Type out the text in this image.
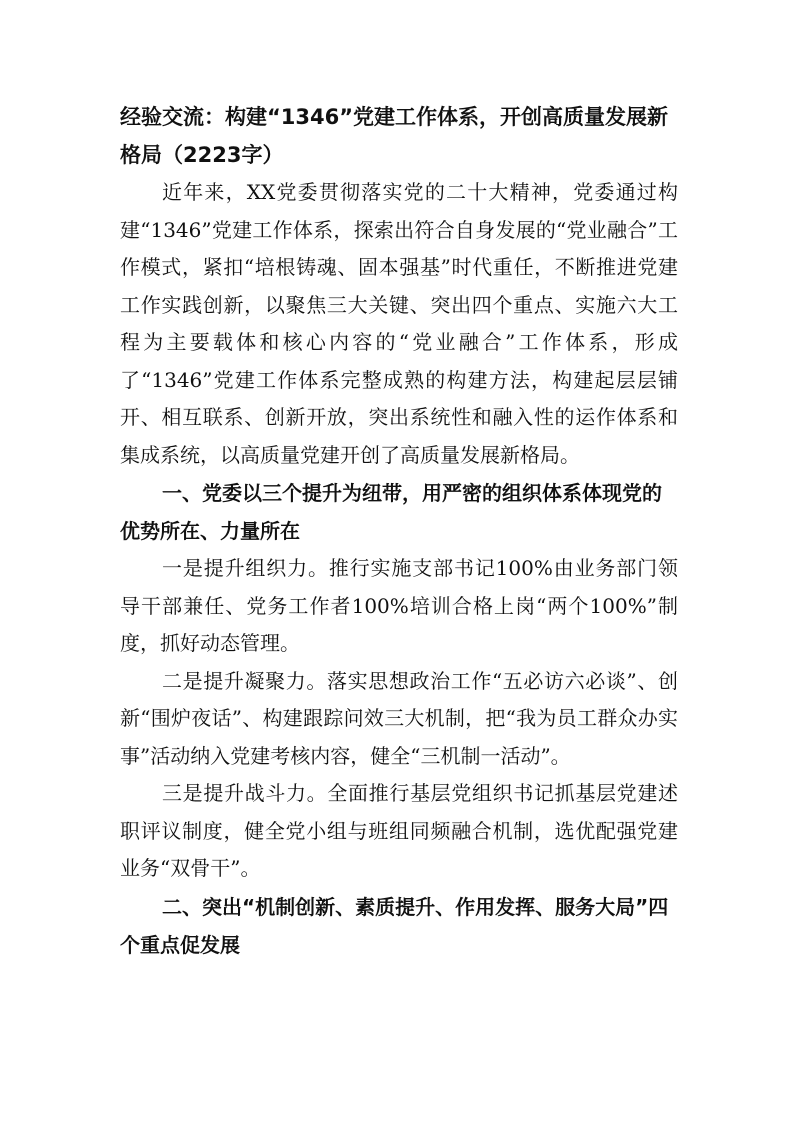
经验交流：构建“1346”党建工作体系，开创高质量发展新格局（2223字）

近年来，XX党委贯彻落实党的二十大精神，党委通过构建“1346”党建工作体系，探索出符合自身发展的“党业融合”工作模式，紧扣“培根铸魂、固本强基”时代重任，不断推进党建工作实践创新，以聚焦三大关键、突出四个重点、实施六大工程为主要载体和核心内容的“党业融合”工作体系，形成了“1346”党建工作体系完整成熟的构建方法，构建起层层铺开、相互联系、创新开放，突出系统性和融入性的运作体系和集成系统，以高质量党建开创了高质量发展新格局。

一、党委以三个提升为纽带，用严密的组织体系体现党的优势所在、力量所在

一是提升组织力。推行实施支部书记100%由业务部门领导干部兼任、党务工作者100%培训合格上岗“两个100%”制度，抓好动态管理。

二是提升凝聚力。落实思想政治工作“五必访六必谈”、创新“围炉夜话”、构建跟踪问效三大机制，把“我为员工群众办实事”活动纳入党建考核内容，健全“三机制一活动”。

三是提升战斗力。全面推行基层党组织书记抓基层党建述职评议制度，健全党小组与班组同频融合机制，选优配强党建业务“双骨干”。

二、突出“机制创新、素质提升、作用发挥、服务大局”四个重点促发展
